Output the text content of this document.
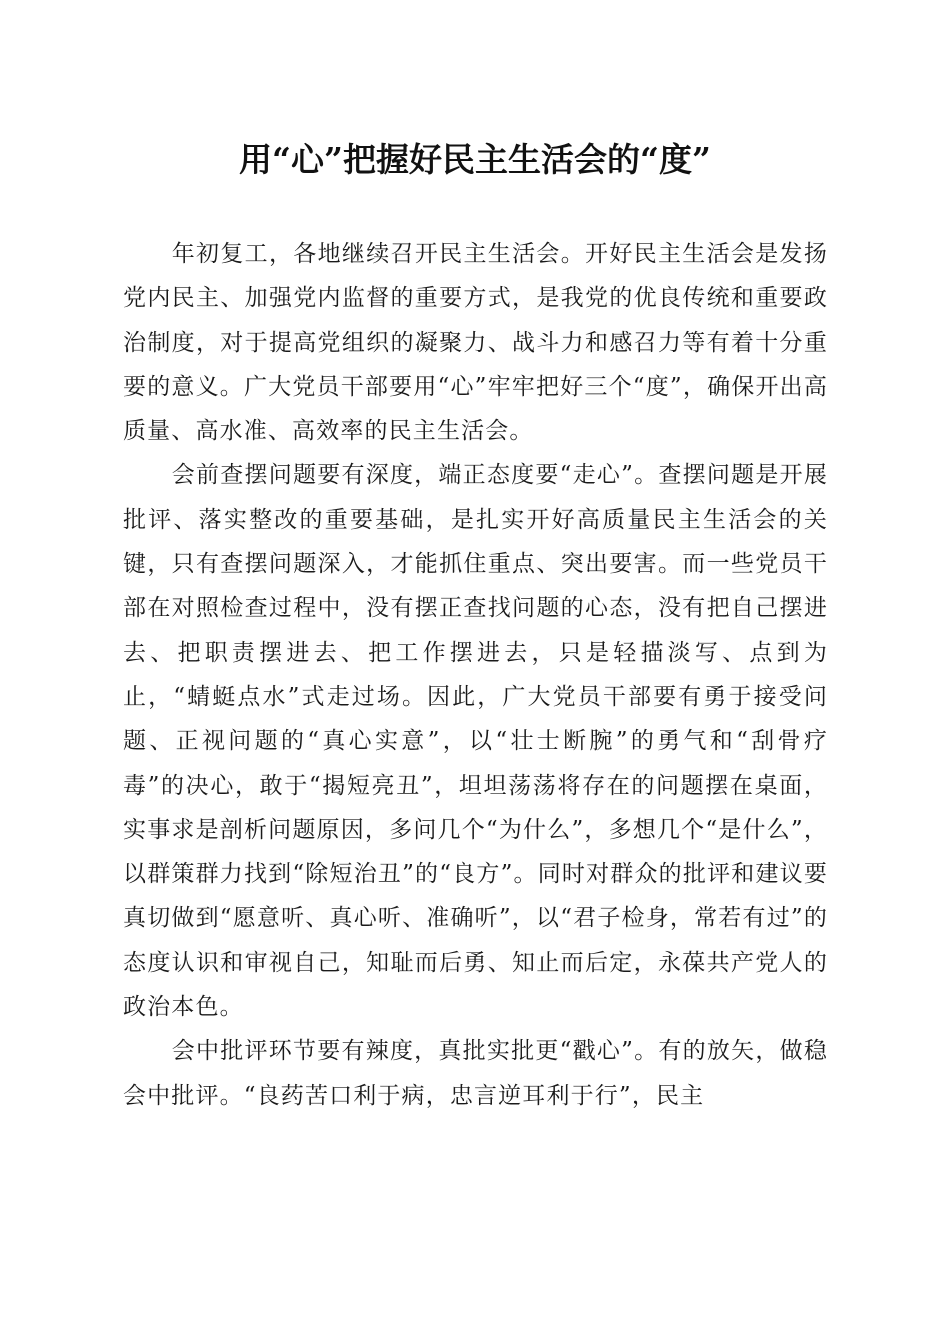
用“心”把握好民主生活会的“度”

年初复工，各地继续召开民主生活会。开好民主生活会是发扬党内民主、加强党内监督的重要方式，是我党的优良传统和重要政治制度，对于提高党组织的凝聚力、战斗力和感召力等有着十分重要的意义。广大党员干部要用“心”牢牢把好三个“度”，确保开出高质量、高水准、高效率的民主生活会。

会前查摆问题要有深度，端正态度要“走心”。查摆问题是开展批评、落实整改的重要基础，是扎实开好高质量民主生活会的关键，只有查摆问题深入，才能抓住重点、突出要害。而一些党员干部在对照检查过程中，没有摆正查找问题的心态，没有把自己摆进去、把职责摆进去、把工作摆进去，只是轻描淡写、点到为止，“蜻蜓点水”式走过场。因此，广大党员干部要有勇于接受问题、正视问题的“真心实意”，以“壮士断腕”的勇气和“刮骨疗毒”的决心，敢于“揭短亮丑”，坦坦荡荡将存在的问题摆在桌面，实事求是剖析问题原因，多问几个“为什么”，多想几个“是什么”，以群策群力找到“除短治丑”的“良方”。同时对群众的批评和建议要真切做到“愿意听、真心听、准确听”，以“君子检身，常若有过”的态度认识和审视自己，知耻而后勇、知止而后定，永葆共产党人的政治本色。

会中批评环节要有辣度，真批实批更“戳心”。有的放矢，做稳会中批评。“良药苦口利于病，忠言逆耳利于行”，民主
